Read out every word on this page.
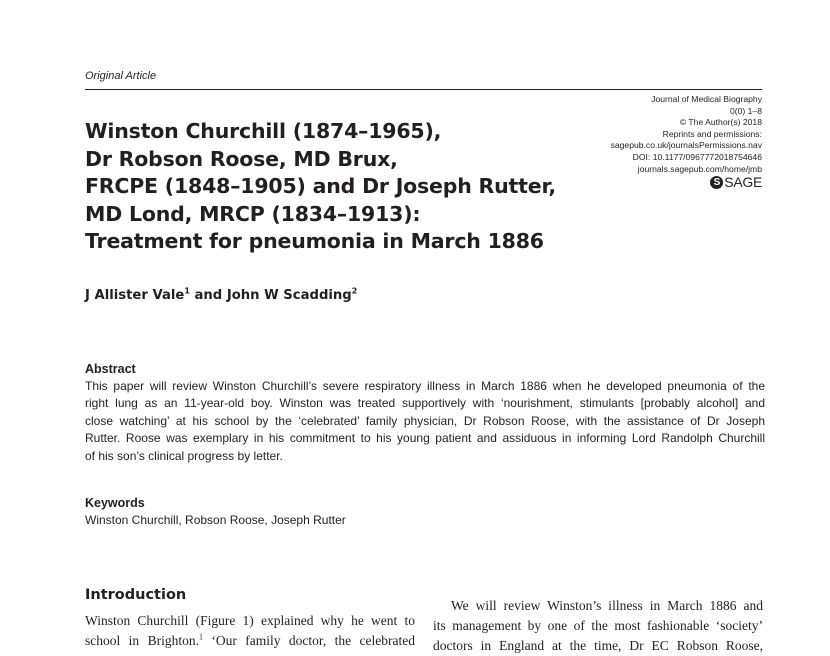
Original Article
Journal of Medical Biography
0(0) 1–8
© The Author(s) 2018
Reprints and permissions:
sagepub.co.uk/journalsPermissions.nav
DOI: 10.1177/0967772018754646
journals.sagepub.com/home/jmb
S SAGE
Winston Churchill (1874–1965),
Dr Robson Roose, MD Brux,
FRCPE (1848–1905) and Dr Joseph Rutter,
MD Lond, MRCP (1834–1913):
Treatment for pneumonia in March 1886
J Allister Vale$^1$ and John W Scadding$^2$
Abstract
This paper will review Winston Churchill’s severe respiratory illness in March 1886 when he developed pneumonia of the
right lung as an 11-year-old boy. Winston was treated supportively with ‘nourishment, stimulants [probably alcohol] and
close watching’ at his school by the ‘celebrated’ family physician, Dr Robson Roose, with the assistance of Dr Joseph
Rutter. Roose was exemplary in his commitment to his young patient and assiduous in informing Lord Randolph Churchill
of his son’s clinical progress by letter.
Keywords
Winston Churchill, Robson Roose, Joseph Rutter
Introduction
Winston Churchill (Figure 1) explained why he went to
school in Brighton.$^1$ ‘Our family doctor, the celebrated
We will review Winston’s illness in March 1886 and
its management by one of the most fashionable ‘society’
doctors in England at the time, Dr EC Robson Roose,
